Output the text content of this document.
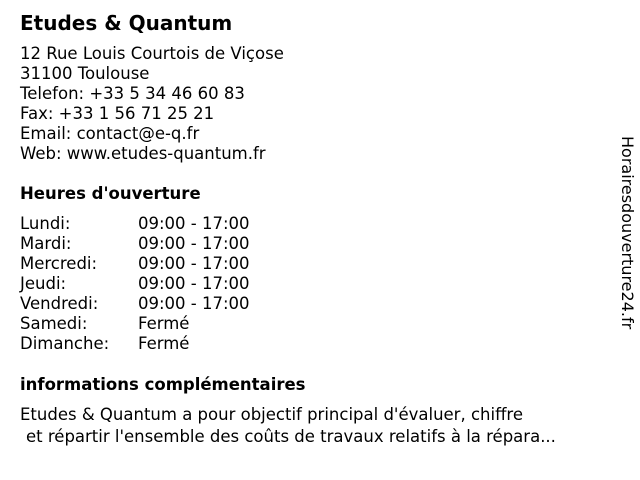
Etudes & Quantum
12 Rue Louis Courtois de Viçose
31100 Toulouse
Telefon: +33 5 34 46 60 83
Fax: +33 1 56 71 25 21
Email: contact@e-q.fr
Web: www.etudes-quantum.fr
Heures d'ouverture
Lundi:	09:00 - 17:00
Mardi:	09:00 - 17:00
Mercredi: 09:00 - 17:00
Jeudi:	09:00 - 17:00
Vendredi: 09:00 - 17:00
Samedi:	Fermé
Dimanche: Fermé
informations complémentaires
Etudes & Quantum a pour objectif principal d'évaluer, chiffre
et répartir l'ensemble des coûts de travaux relatifs à la répara...
Horairesdouverture24.fr
